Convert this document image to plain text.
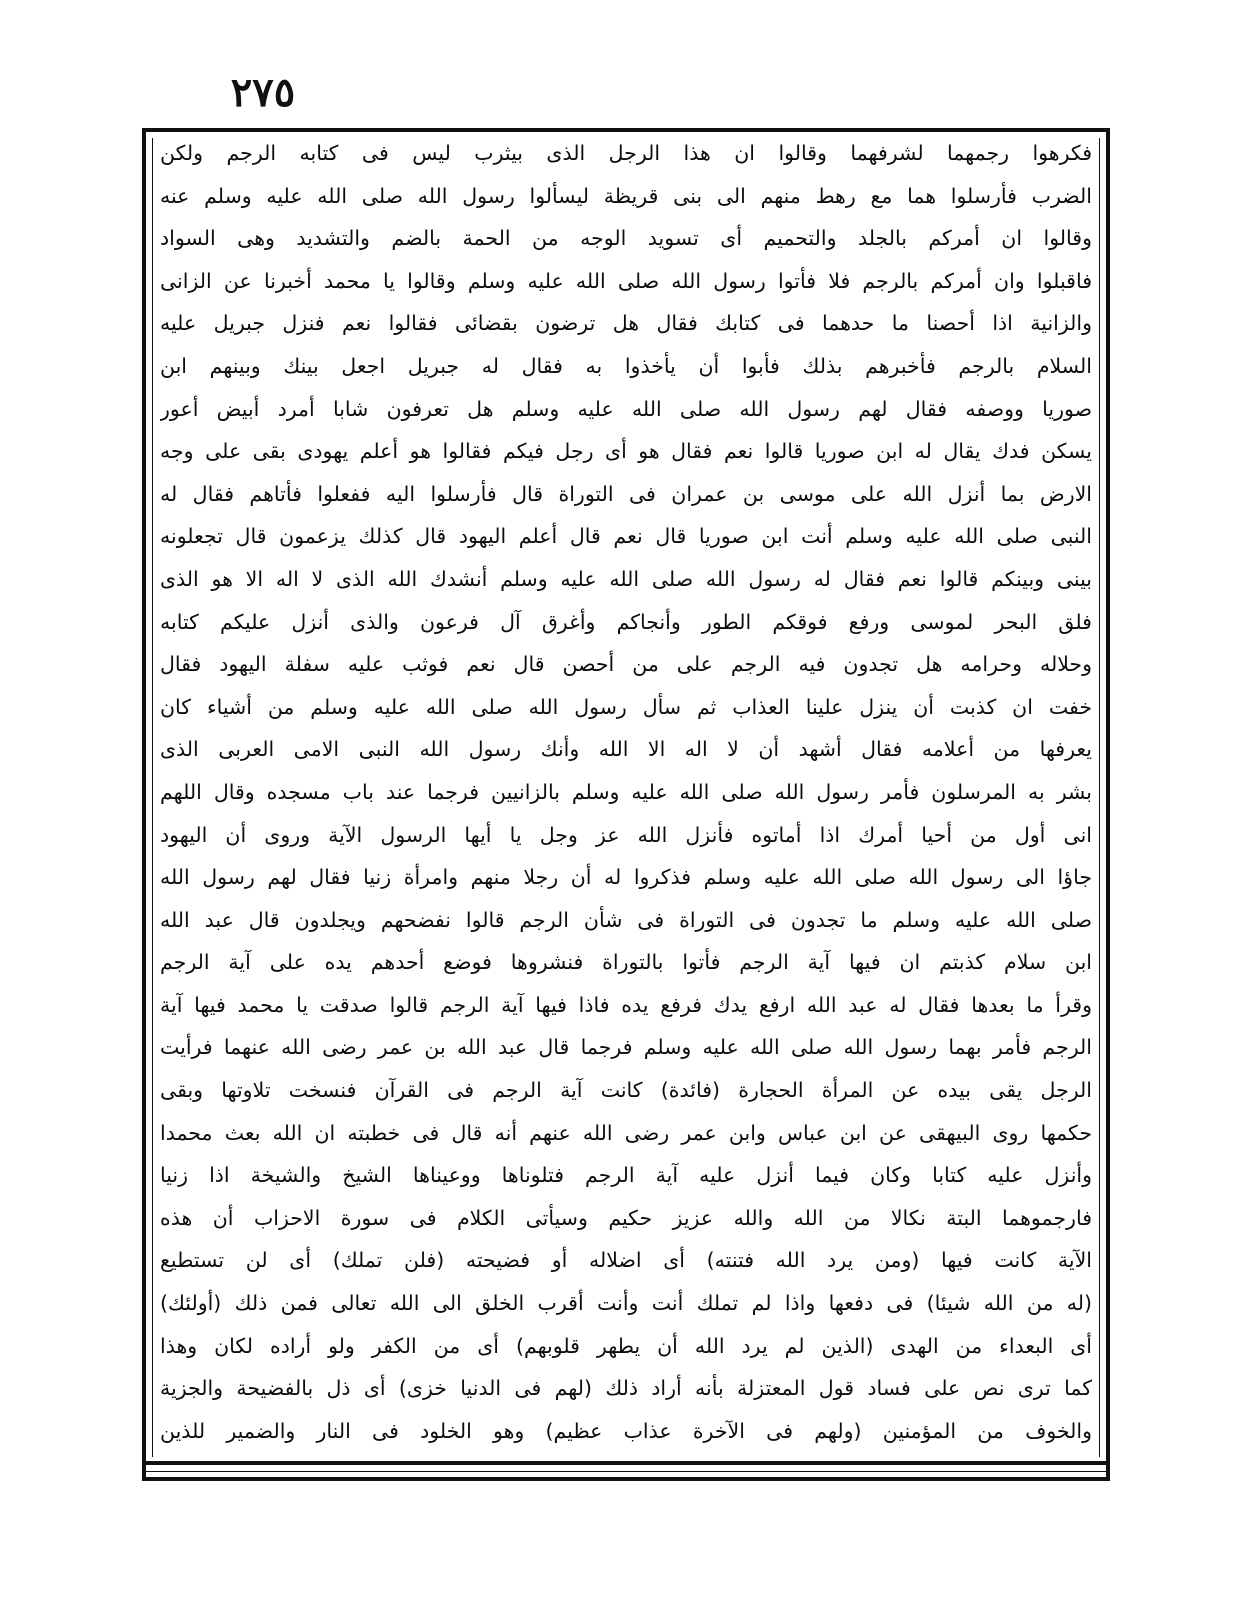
٢٧٥
فكرهوا رجمهما لشرفهما وقالوا ان هذا الرجل الذى بيثرب ليس فى كتابه الرجم ولكن
الضرب فأرسلوا هما مع رهط منهم الى بنى قريظة ليسألوا رسول الله صلى الله عليه وسلم عنه
وقالوا ان أمركم بالجلد والتحميم أى تسويد الوجه من الحمة بالضم والتشديد وهى السواد
فاقبلوا وان أمركم بالرجم فلا فأتوا رسول الله صلى الله عليه وسلم وقالوا يا محمد أخبرنا عن الزانى
والزانية اذا أحصنا ما حدهما فى كتابك فقال هل ترضون بقضائى فقالوا نعم فنزل جبريل عليه
السلام بالرجم فأخبرهم بذلك فأبوا أن يأخذوا به فقال له جبريل اجعل بينك وبينهم ابن
صوريا ووصفه فقال لهم رسول الله صلى الله عليه وسلم هل تعرفون شابا أمرد أبيض أعور
يسكن فدك يقال له ابن صوريا قالوا نعم فقال هو أى رجل فيكم فقالوا هو أعلم يهودى بقى على وجه
الارض بما أنزل الله على موسى بن عمران فى التوراة قال فأرسلوا اليه ففعلوا فأتاهم فقال له
النبى صلى الله عليه وسلم أنت ابن صوريا قال نعم قال أعلم اليهود قال كذلك يزعمون قال تجعلونه
بينى وبينكم قالوا نعم فقال له رسول الله صلى الله عليه وسلم أنشدك الله الذى لا اله الا هو الذى
فلق البحر لموسى ورفع فوقكم الطور وأنجاكم وأغرق آل فرعون والذى أنزل عليكم كتابه
وحلاله وحرامه هل تجدون فيه الرجم على من أحصن قال نعم فوثب عليه سفلة اليهود فقال
خفت ان كذبت أن ينزل علينا العذاب ثم سأل رسول الله صلى الله عليه وسلم من أشياء كان
يعرفها من أعلامه فقال أشهد أن لا اله الا الله وأنك رسول الله النبى الامى العربى الذى
بشر به المرسلون فأمر رسول الله صلى الله عليه وسلم بالزانيين فرجما عند باب مسجده وقال اللهم
انى أول من أحيا أمرك اذا أماتوه فأنزل الله عز وجل يا أيها الرسول الآية وروى أن اليهود
جاؤا الى رسول الله صلى الله عليه وسلم فذكروا له أن رجلا منهم وامرأة زنيا فقال لهم رسول الله
صلى الله عليه وسلم ما تجدون فى التوراة فى شأن الرجم قالوا نفضحهم ويجلدون قال عبد الله
ابن سلام كذبتم ان فيها آية الرجم فأتوا بالتوراة فنشروها فوضع أحدهم يده على آية الرجم
وقرأ ما بعدها فقال له عبد الله ارفع يدك فرفع يده فاذا فيها آية الرجم قالوا صدقت يا محمد فيها آية
الرجم فأمر بهما رسول الله صلى الله عليه وسلم فرجما قال عبد الله بن عمر رضى الله عنهما فرأيت
الرجل يقى بيده عن المرأة الحجارة (فائدة) كانت آية الرجم فى القرآن فنسخت تلاوتها وبقى
حكمها روى البيهقى عن ابن عباس وابن عمر رضى الله عنهم أنه قال فى خطبته ان الله بعث محمدا
وأنزل عليه كتابا وكان فيما أنزل عليه آية الرجم فتلوناها ووعيناها الشيخ والشيخة اذا زنيا
فارجموهما البتة نكالا من الله والله عزيز حكيم وسيأتى الكلام فى سورة الاحزاب أن هذه
الآية كانت فيها (ومن يرد الله فتنته) أى اضلاله أو فضيحته (فلن تملك) أى لن تستطيع
(له من الله شيئا) فى دفعها واذا لم تملك أنت وأنت أقرب الخلق الى الله تعالى فمن ذلك (أولئك)
أى البعداء من الهدى (الذين لم يرد الله أن يطهر قلوبهم) أى من الكفر ولو أراده لكان وهذا
كما ترى نص على فساد قول المعتزلة بأنه أراد ذلك (لهم فى الدنيا خزى) أى ذل بالفضيحة والجزية
والخوف من المؤمنين (ولهم فى الآخرة عذاب عظيم) وهو الخلود فى النار والضمير للذين
